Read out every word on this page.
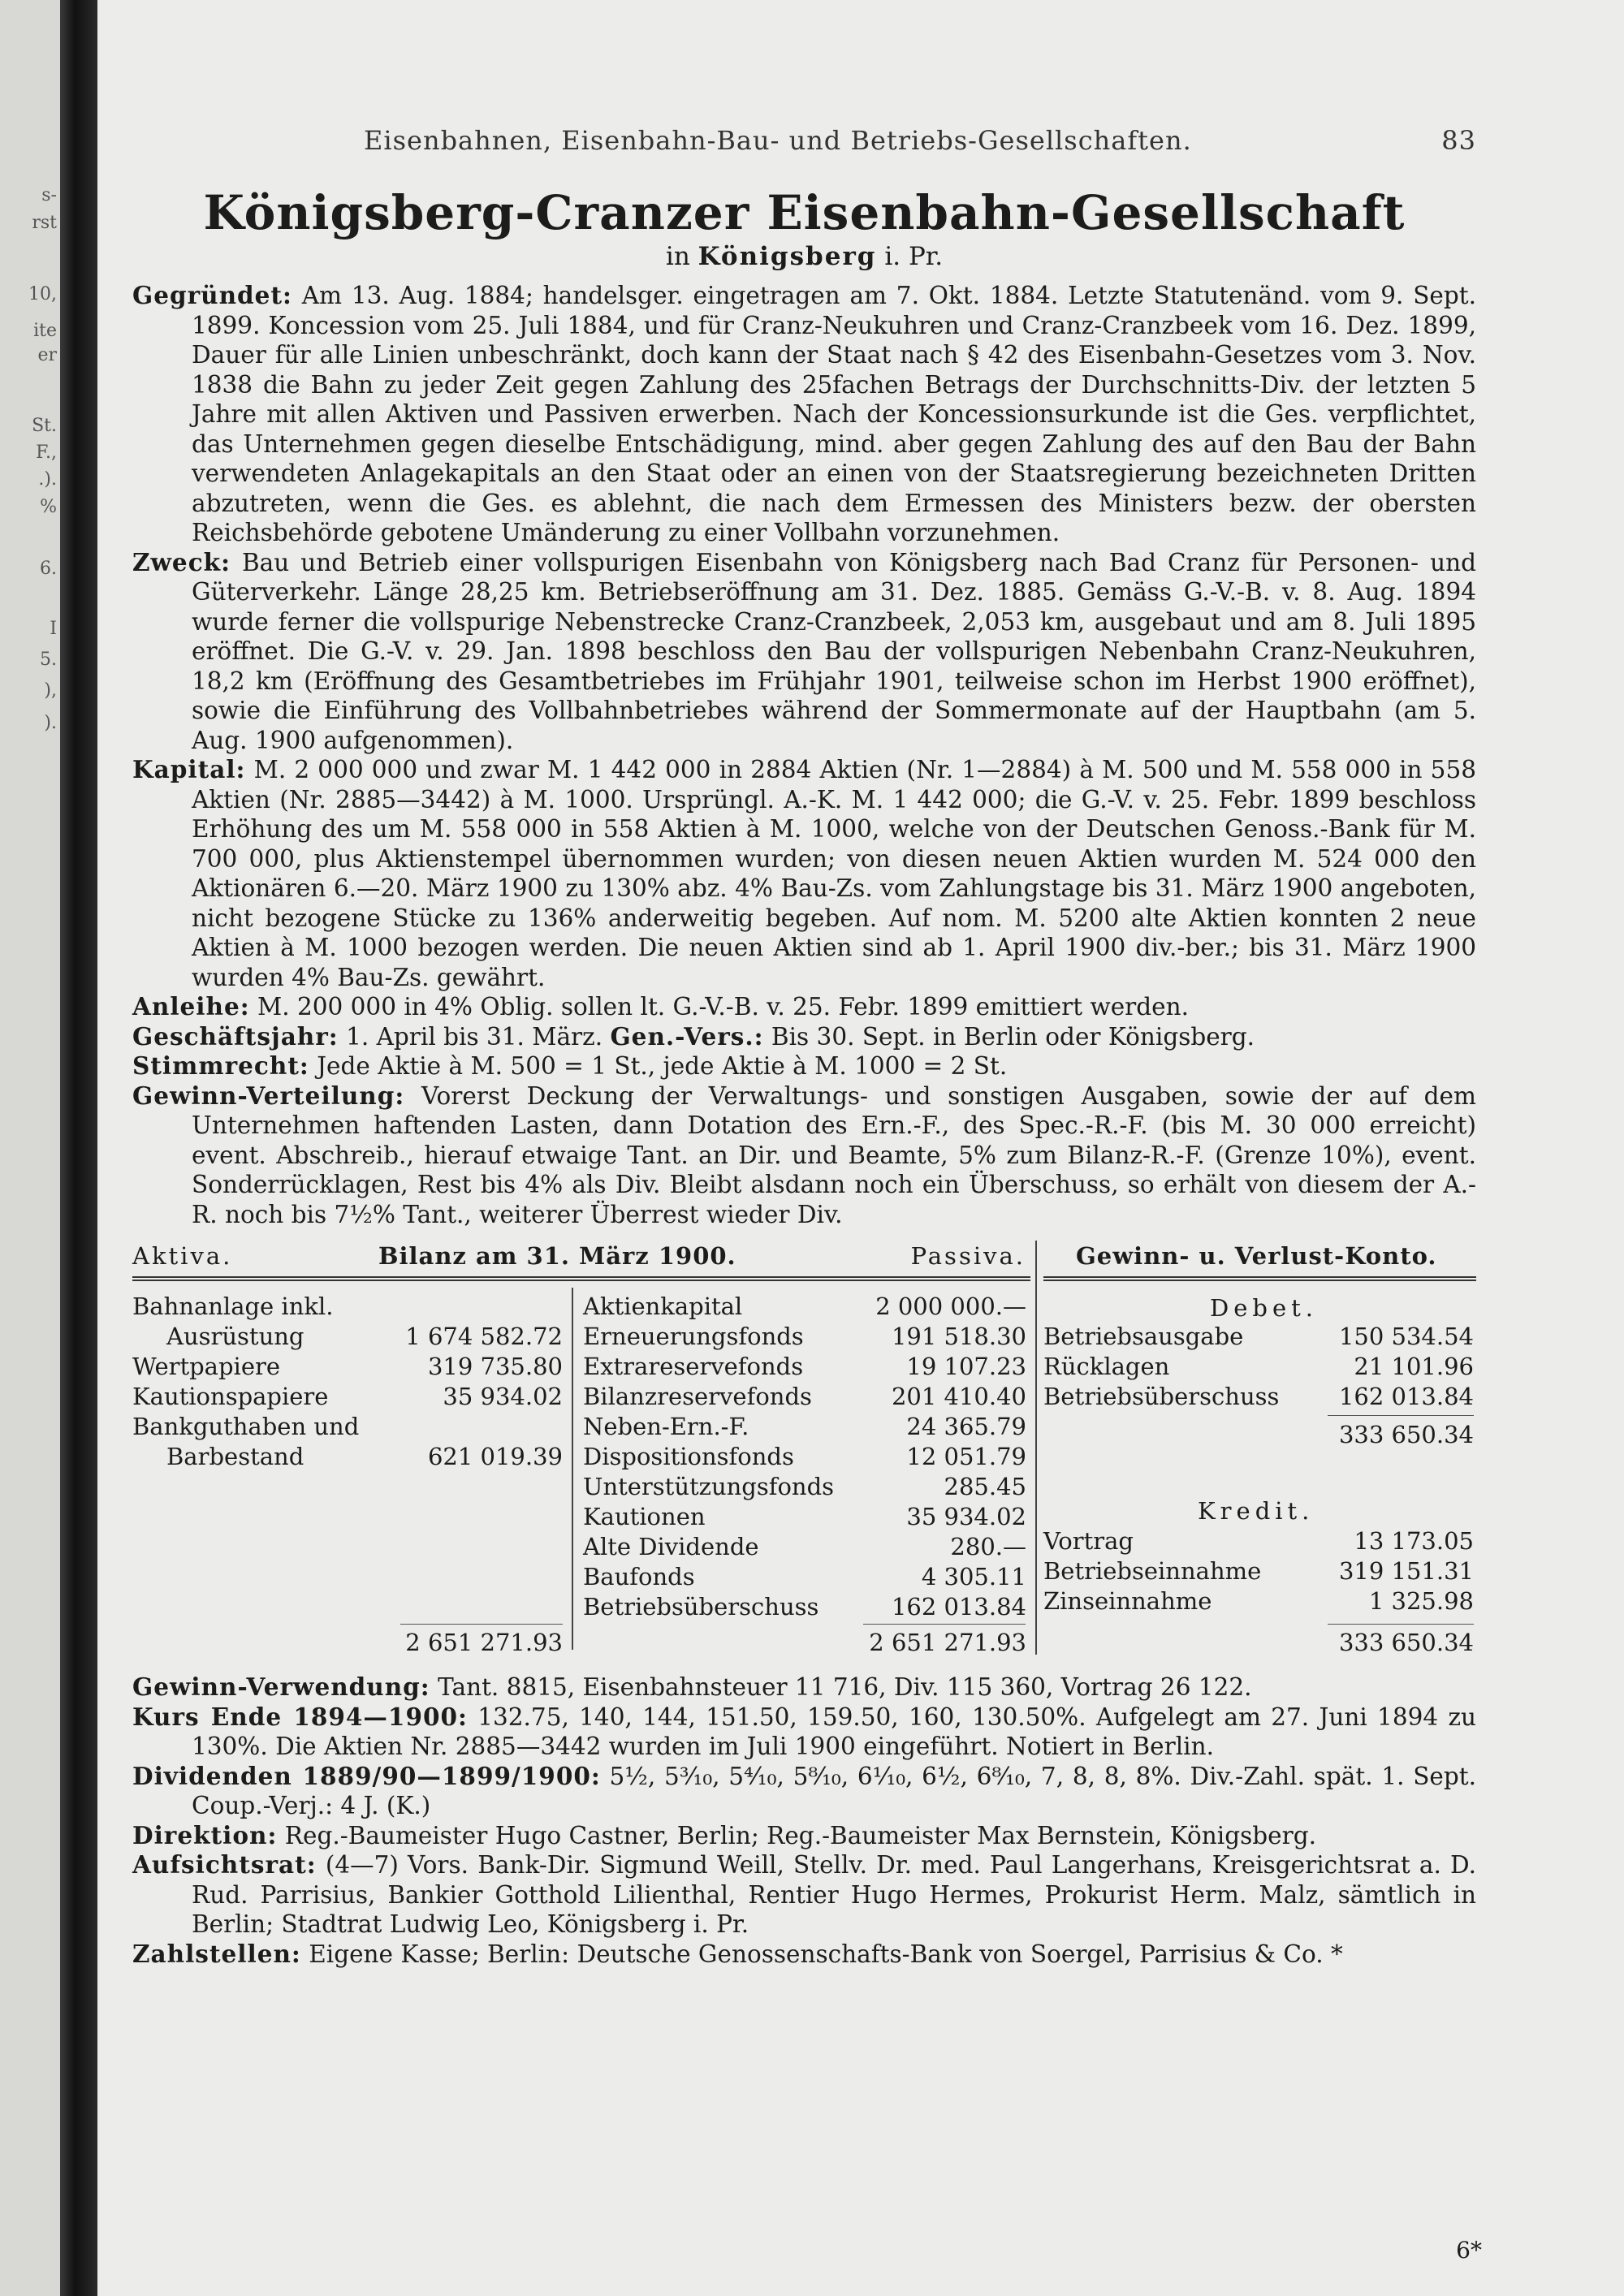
s-
rst
10,
ite
er
St.
F.,
.).
%
6.
I
5.
),
).
Eisenbahnen, Eisenbahn-Bau- und Betriebs-Gesellschaften.	83
Königsberg-Cranzer Eisenbahn-Gesellschaft
in Königsberg i. Pr.

Gegründet: Am 13. Aug. 1884; handelsger. eingetragen am 7. Okt. 1884. Letzte Statutenänd. vom 9. Sept. 1899. Koncession vom 25. Juli 1884, und für Cranz-Neukuhren und Cranz-Cranzbeek vom 16. Dez. 1899, Dauer für alle Linien unbeschränkt, doch kann der Staat nach § 42 des Eisenbahn-Gesetzes vom 3. Nov. 1838 die Bahn zu jeder Zeit gegen Zahlung des 25fachen Betrags der Durchschnitts-Div. der letzten 5 Jahre mit allen Aktiven und Passiven erwerben. Nach der Koncessionsurkunde ist die Ges. verpflichtet, das Unternehmen gegen dieselbe Entschädigung, mind. aber gegen Zahlung des auf den Bau der Bahn verwendeten Anlagekapitals an den Staat oder an einen von der Staatsregierung bezeichneten Dritten abzutreten, wenn die Ges. es ablehnt, die nach dem Ermessen des Ministers bezw. der obersten Reichsbehörde gebotene Umänderung zu einer Vollbahn vorzunehmen.

Zweck: Bau und Betrieb einer vollspurigen Eisenbahn von Königsberg nach Bad Cranz für Personen- und Güterverkehr. Länge 28,25 km. Betriebseröffnung am 31. Dez. 1885. Gemäss G.-V.-B. v. 8. Aug. 1894 wurde ferner die vollspurige Nebenstrecke Cranz-Cranzbeek, 2,053 km, ausgebaut und am 8. Juli 1895 eröffnet. Die G.-V. v. 29. Jan. 1898 beschloss den Bau der vollspurigen Nebenbahn Cranz-Neukuhren, 18,2 km (Eröffnung des Gesamtbetriebes im Frühjahr 1901, teilweise schon im Herbst 1900 eröffnet), sowie die Einführung des Vollbahnbetriebes während der Sommermonate auf der Hauptbahn (am 5. Aug. 1900 aufgenommen).

Kapital: M. 2 000 000 und zwar M. 1 442 000 in 2884 Aktien (Nr. 1—2884) à M. 500 und M. 558 000 in 558 Aktien (Nr. 2885—3442) à M. 1000. Ursprüngl. A.-K. M. 1 442 000; die G.-V. v. 25. Febr. 1899 beschloss Erhöhung des um M. 558 000 in 558 Aktien à M. 1000, welche von der Deutschen Genoss.-Bank für M. 700 000, plus Aktienstempel übernommen wurden; von diesen neuen Aktien wurden M. 524 000 den Aktionären 6.—20. März 1900 zu 130% abz. 4% Bau-Zs. vom Zahlungstage bis 31. März 1900 angeboten, nicht bezogene Stücke zu 136% anderweitig begeben. Auf nom. M. 5200 alte Aktien konnten 2 neue Aktien à M. 1000 bezogen werden. Die neuen Aktien sind ab 1. April 1900 div.-ber.; bis 31. März 1900 wurden 4% Bau-Zs. gewährt.

Anleihe: M. 200 000 in 4% Oblig. sollen lt. G.-V.-B. v. 25. Febr. 1899 emittiert werden.

Geschäftsjahr: 1. April bis 31. März. Gen.-Vers.: Bis 30. Sept. in Berlin oder Königsberg.

Stimmrecht: Jede Aktie à M. 500 = 1 St., jede Aktie à M. 1000 = 2 St.

Gewinn-Verteilung: Vorerst Deckung der Verwaltungs- und sonstigen Ausgaben, sowie der auf dem Unternehmen haftenden Lasten, dann Dotation des Ern.-F., des Spec.-R.-F. (bis M. 30 000 erreicht) event. Abschreib., hierauf etwaige Tant. an Dir. und Beamte, 5% zum Bilanz-R.-F. (Grenze 10%), event. Sonderrücklagen, Rest bis 4% als Div. Bleibt alsdann noch ein Überschuss, so erhält von diesem der A.-R. noch bis 7½% Tant., weiterer Überrest wieder Div.

Aktiva.	Bilanz am 31. März 1900.	Passiva.
Bahnanlage inkl.
Ausrüstung	1 674 582.72
Wertpapiere	319 735.80
Kautionspapiere	35 934.02
Bankguthaben und
Barbestand	621 019.39
Aktienkapital	2 000 000.—
Erneuerungsfonds	191 518.30
Extrareservefonds	19 107.23
Bilanzreservefonds	201 410.40
Neben-Ern.-F.	24 365.79
Dispositionsfonds	12 051.79
Unterstützungsfonds	285.45
Kautionen	35 934.02
Alte Dividende	280.—
Baufonds	4 305.11
Betriebsüberschuss	162 013.84
2 651 271.93	2 651 271.93
Gewinn- u. Verlust-Konto.
Debet.
Betriebsausgabe	150 534.54
Rücklagen	21 101.96
Betriebsüberschuss	162 013.84
333 650.34
Kredit.
Vortrag	13 173.05
Betriebseinnahme	319 151.31
Zinseinnahme	1 325.98
333 650.34

Gewinn-Verwendung: Tant. 8815, Eisenbahnsteuer 11 716, Div. 115 360, Vortrag 26 122.

Kurs Ende 1894—1900: 132.75, 140, 144, 151.50, 159.50, 160, 130.50%. Aufgelegt am 27. Juni 1894 zu 130%. Die Aktien Nr. 2885—3442 wurden im Juli 1900 eingeführt. Notiert in Berlin.

Dividenden 1889/90—1899/1900: 5½, 5³⁄₁₀, 5⁴⁄₁₀, 5⁸⁄₁₀, 6¹⁄₁₀, 6½, 6⁸⁄₁₀, 7, 8, 8, 8%. Div.-Zahl. spät. 1. Sept. Coup.-Verj.: 4 J. (K.)

Direktion: Reg.-Baumeister Hugo Castner, Berlin; Reg.-Baumeister Max Bernstein, Königsberg.

Aufsichtsrat: (4—7) Vors. Bank-Dir. Sigmund Weill, Stellv. Dr. med. Paul Langerhans, Kreisgerichtsrat a. D. Rud. Parrisius, Bankier Gotthold Lilienthal, Rentier Hugo Hermes, Prokurist Herm. Malz, sämtlich in Berlin; Stadtrat Ludwig Leo, Königsberg i. Pr.

Zahlstellen: Eigene Kasse; Berlin: Deutsche Genossenschafts-Bank von Soergel, Parrisius & Co. *

6*
